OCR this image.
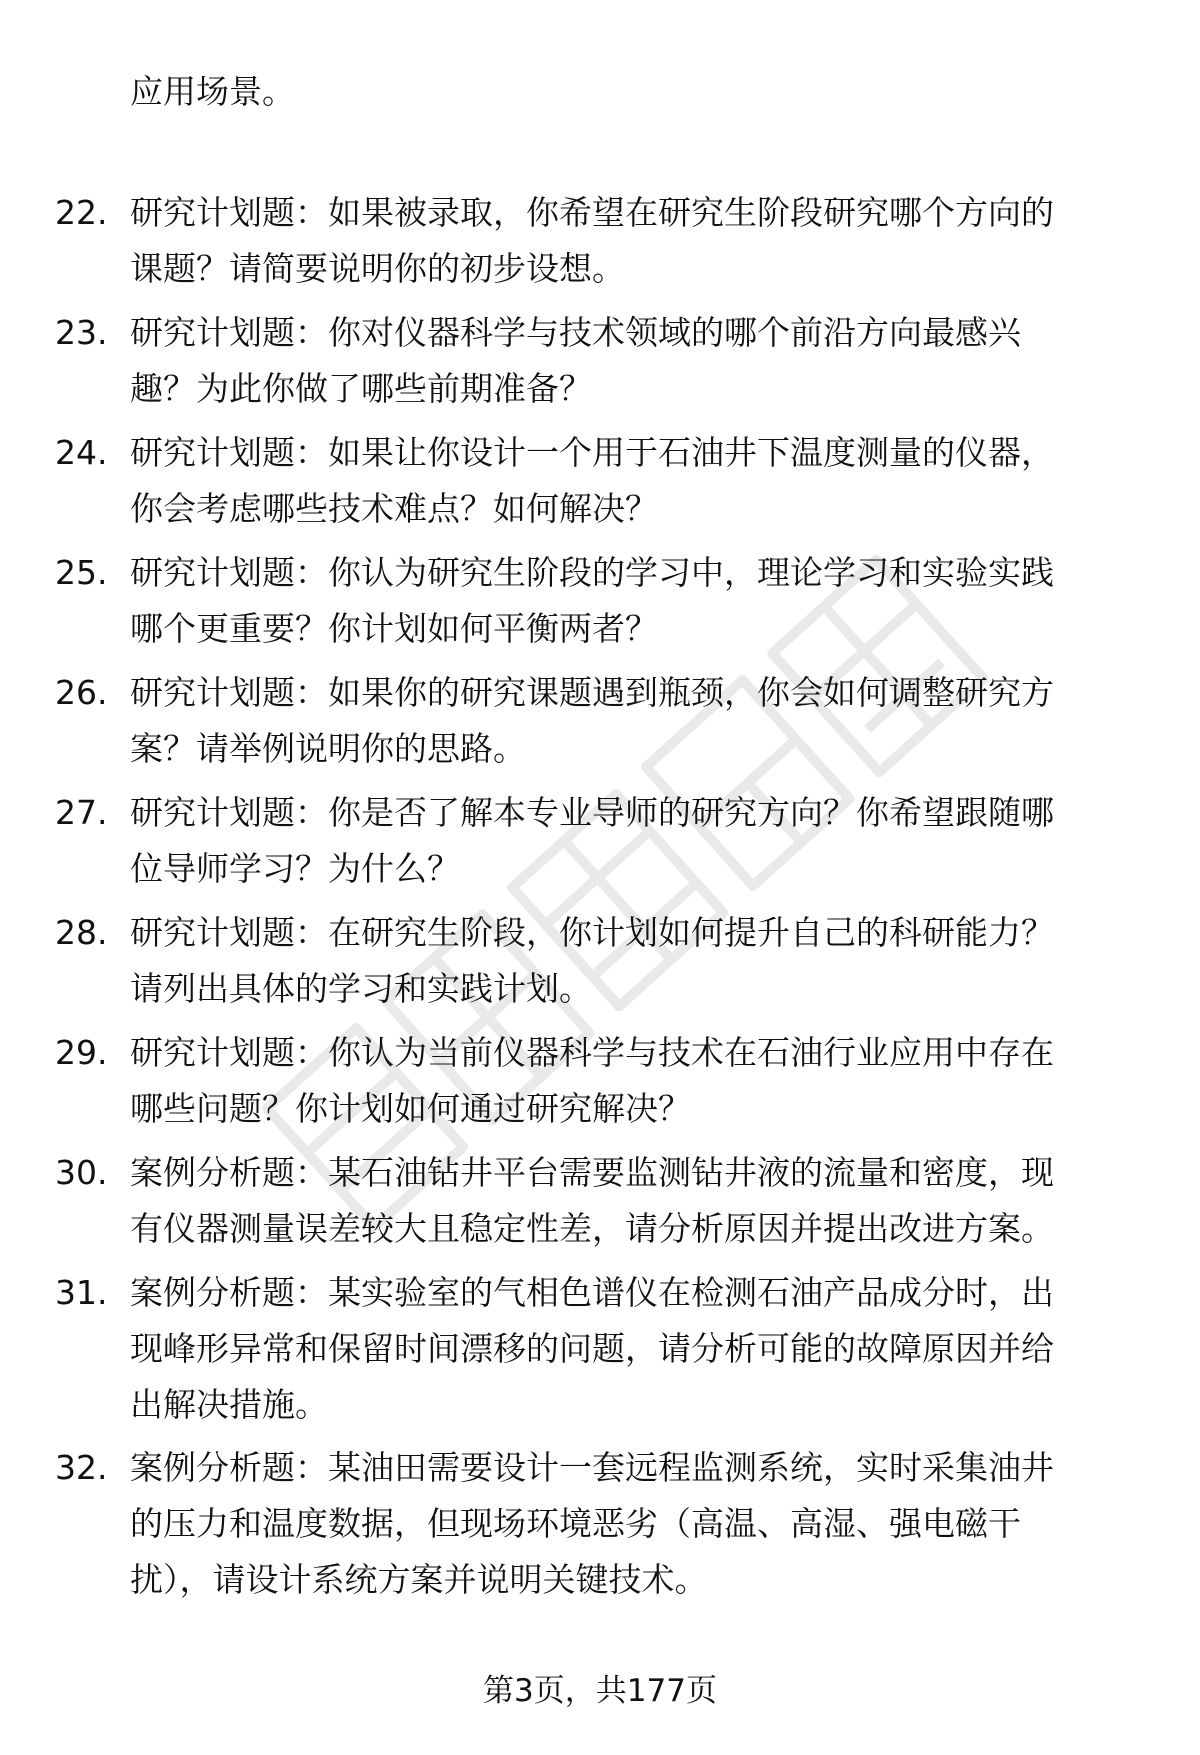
应用场景。
22. 研究计划题：如果被录取，你希望在研究生阶段研究哪个方向的
课题？请简要说明你的初步设想。
23. 研究计划题：你对仪器科学与技术领域的哪个前沿方向最感兴
趣？为此你做了哪些前期准备？
24. 研究计划题：如果让你设计一个用于石油井下温度测量的仪器，
你会考虑哪些技术难点？如何解决？
25. 研究计划题：你认为研究生阶段的学习中，理论学习和实验实践
哪个更重要？你计划如何平衡两者？
26. 研究计划题：如果你的研究课题遇到瓶颈，你会如何调整研究方
案？请举例说明你的思路。
27. 研究计划题：你是否了解本专业导师的研究方向？你希望跟随哪
位导师学习？为什么？
28. 研究计划题：在研究生阶段，你计划如何提升自己的科研能力？
请列出具体的学习和实践计划。
29. 研究计划题：你认为当前仪器科学与技术在石油行业应用中存在
哪些问题？你计划如何通过研究解决？
30. 案例分析题：某石油钻井平台需要监测钻井液的流量和密度，现
有仪器测量误差较大且稳定性差，请分析原因并提出改进方案。
31. 案例分析题：某实验室的气相色谱仪在检测石油产品成分时，出
现峰形异常和保留时间漂移的问题，请分析可能的故障原因并给
出解决措施。
32. 案例分析题：某油田需要设计一套远程监测系统，实时采集油井
的压力和温度数据，但现场环境恶劣（高温、高湿、强电磁干
扰），请设计系统方案并说明关键技术。
第3页，共177页
